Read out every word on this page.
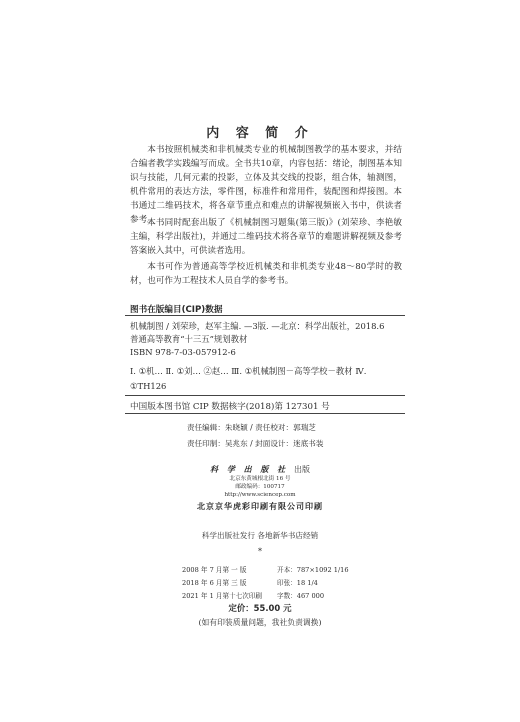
内 容 简 介

本书按照机械类和非机械类专业的机械制图教学的基本要求，并结合编者教学实践编写而成。全书共10章，内容包括：绪论，制图基本知识与技能，几何元素的投影，立体及其交线的投影，组合体，轴测图，机件常用的表达方法，零件图，标准件和常用件，装配图和焊接图。本书通过二维码技术，将各章节重点和难点的讲解视频嵌入书中，供读者参考。

本书同时配套出版了《机械制图习题集(第三版)》(刘荣珍、李艳敏主编，科学出版社)，并通过二维码技术将各章节的难题讲解视频及参考答案嵌入其中，可供读者选用。

本书可作为普通高等学校近机械类和非机类专业48～80学时的教材，也可作为工程技术人员自学的参考书。

图书在版编目(CIP)数据
机械制图 / 刘荣珍，赵军主编. —3版. —北京：科学出版社，2018.6
普通高等教育“十三五”规划教材
ISBN 978-7-03-057912-6
Ⅰ. ①机… Ⅱ. ①刘… ②赵… Ⅲ. ①机械制图－高等学校－教材 Ⅳ. ①TH126
中国版本图书馆 CIP 数据核字(2018)第 127301 号
责任编辑：朱晓颖 / 责任校对：郭瑞芝
责任印制：吴兆东 / 封面设计：迷底书装
科 学 出 版 社 出版
北京东黄城根北街 16 号
邮政编码：100717
http://www.sciencep.com
北京京华虎彩印刷有限公司印刷
科学出版社发行 各地新华书店经销
*
2008 年 7 月第 一 版	开本：787×1092 1/16
2018 年 6 月第 三 版	印张：18 1/4
2021 年 1 月第十七次印刷 字数：467 000
定价：55.00 元
(如有印装质量问题，我社负责调换)
